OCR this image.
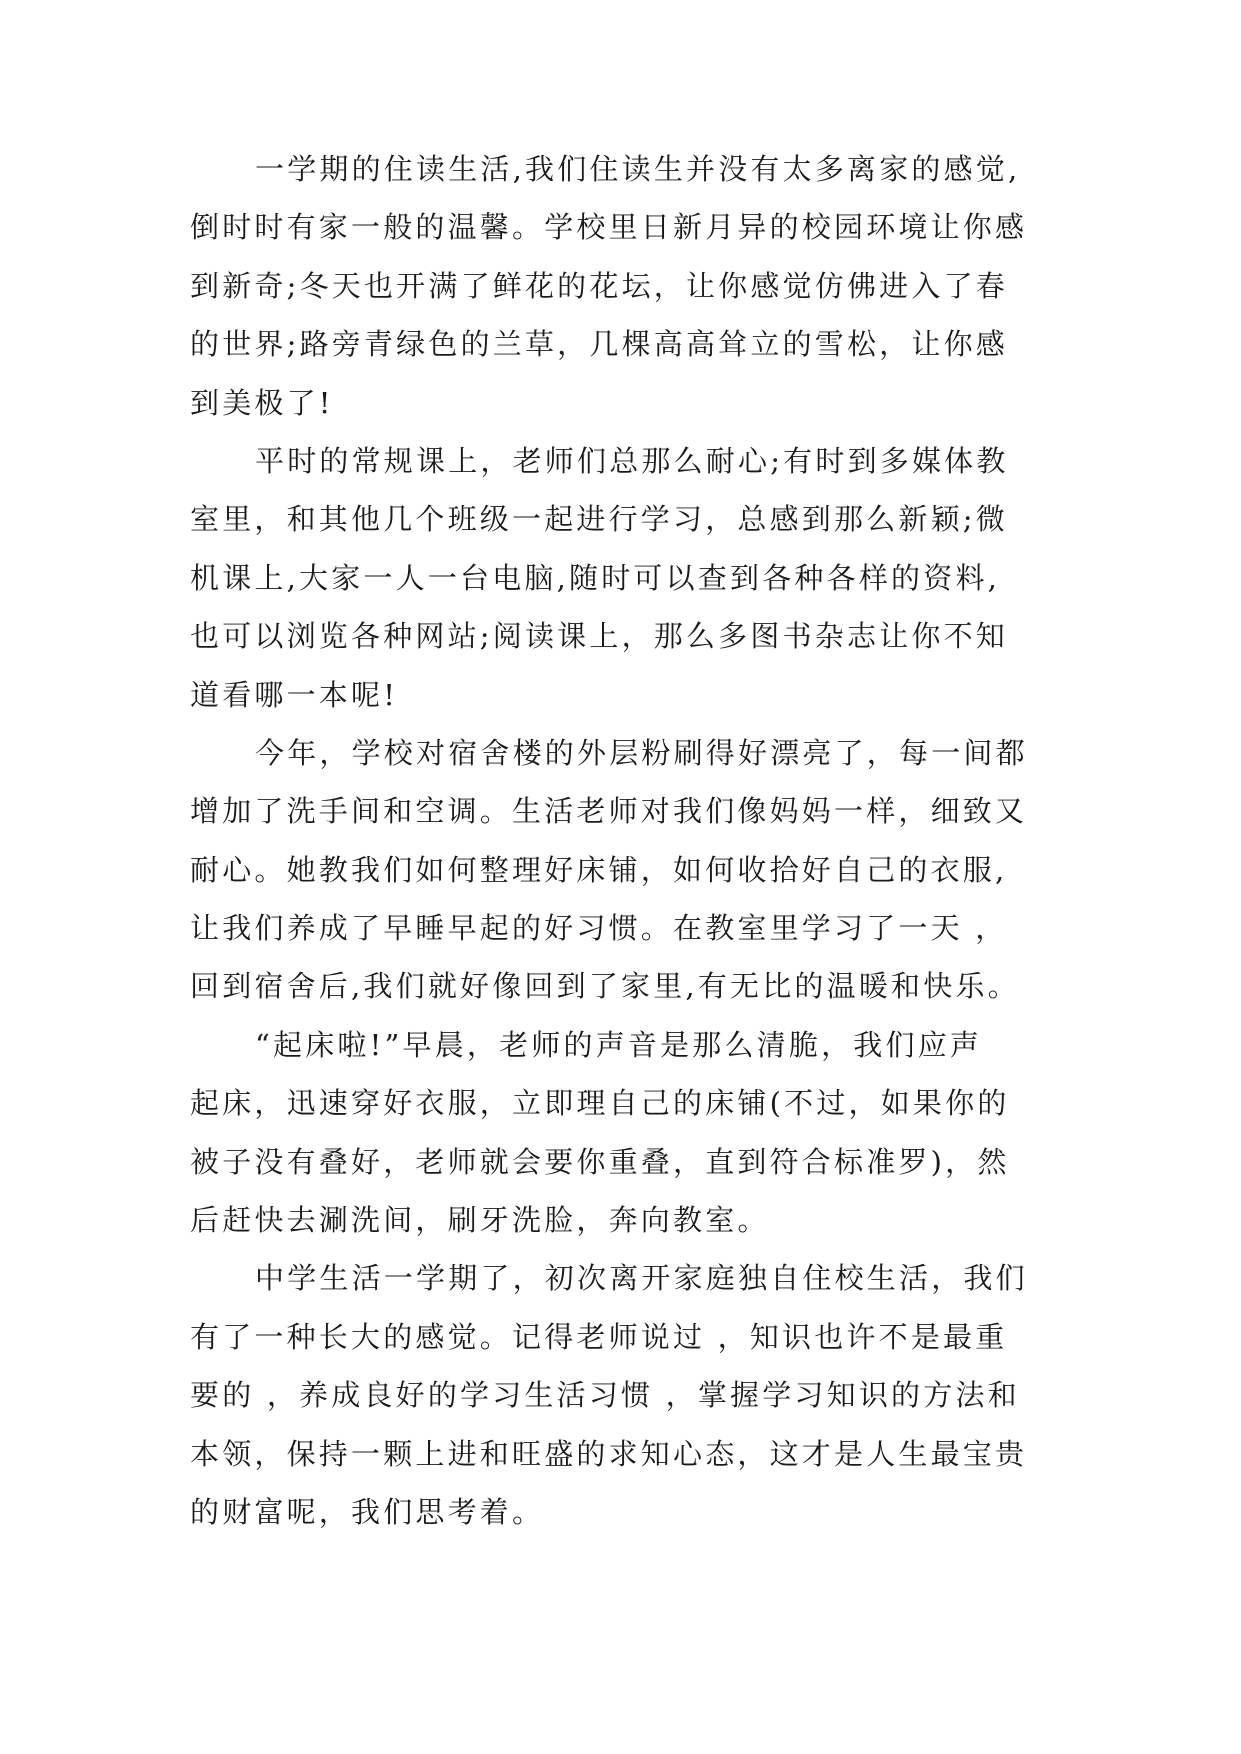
一学期的住读生活,我们住读生并没有太多离家的感觉,
倒时时有家一般的温馨。学校里日新月异的校园环境让你感
到新奇;冬天也开满了鲜花的花坛，让你感觉仿佛进入了春
的世界;路旁青绿色的兰草，几棵高高耸立的雪松，让你感
到美极了!
平时的常规课上，老师们总那么耐心;有时到多媒体教
室里，和其他几个班级一起进行学习，总感到那么新颖;微
机课上,大家一人一台电脑,随时可以查到各种各样的资料,
也可以浏览各种网站;阅读课上，那么多图书杂志让你不知
道看哪一本呢!
今年，学校对宿舍楼的外层粉刷得好漂亮了，每一间都
增加了洗手间和空调。生活老师对我们像妈妈一样，细致又
耐心。她教我们如何整理好床铺，如何收拾好自己的衣服,
让我们养成了早睡早起的好习惯。在教室里学习了一天 ，
回到宿舍后,我们就好像回到了家里,有无比的温暖和快乐。
“起床啦!”早晨，老师的声音是那么清脆，我们应声
起床，迅速穿好衣服，立即理自己的床铺(不过，如果你的
被子没有叠好，老师就会要你重叠，直到符合标准罗)，然
后赶快去涮洗间，刷牙洗脸，奔向教室。
中学生活一学期了，初次离开家庭独自住校生活，我们
有了一种长大的感觉。记得老师说过 ，知识也许不是最重
要的 ，养成良好的学习生活习惯 ，掌握学习知识的方法和
本领，保持一颗上进和旺盛的求知心态，这才是人生最宝贵
的财富呢，我们思考着。
